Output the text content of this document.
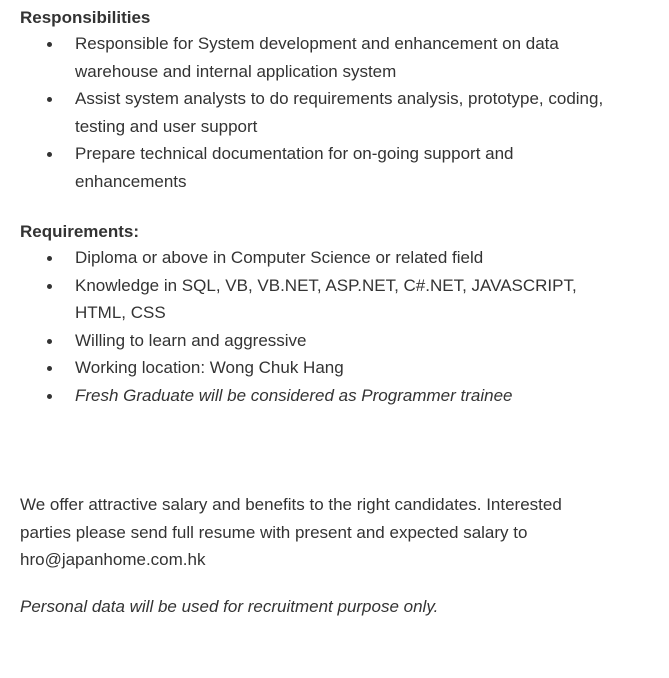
Responsibilities
Responsible for System development and enhancement on data
warehouse and internal application system
Assist system analysts to do requirements analysis, prototype, coding,
testing and user support
Prepare technical documentation for on-going support and
enhancements
Requirements:
Diploma or above in Computer Science or related field
Knowledge in SQL, VB, VB.NET, ASP.NET, C#.NET, JAVASCRIPT,
HTML, CSS
Willing to learn and aggressive
Working location: Wong Chuk Hang
Fresh Graduate will be considered as Programmer trainee
We offer attractive salary and benefits to the right candidates. Interested
parties please send full resume with present and expected salary to
hro@japanhome.com.hk
Personal data will be used for recruitment purpose only.
